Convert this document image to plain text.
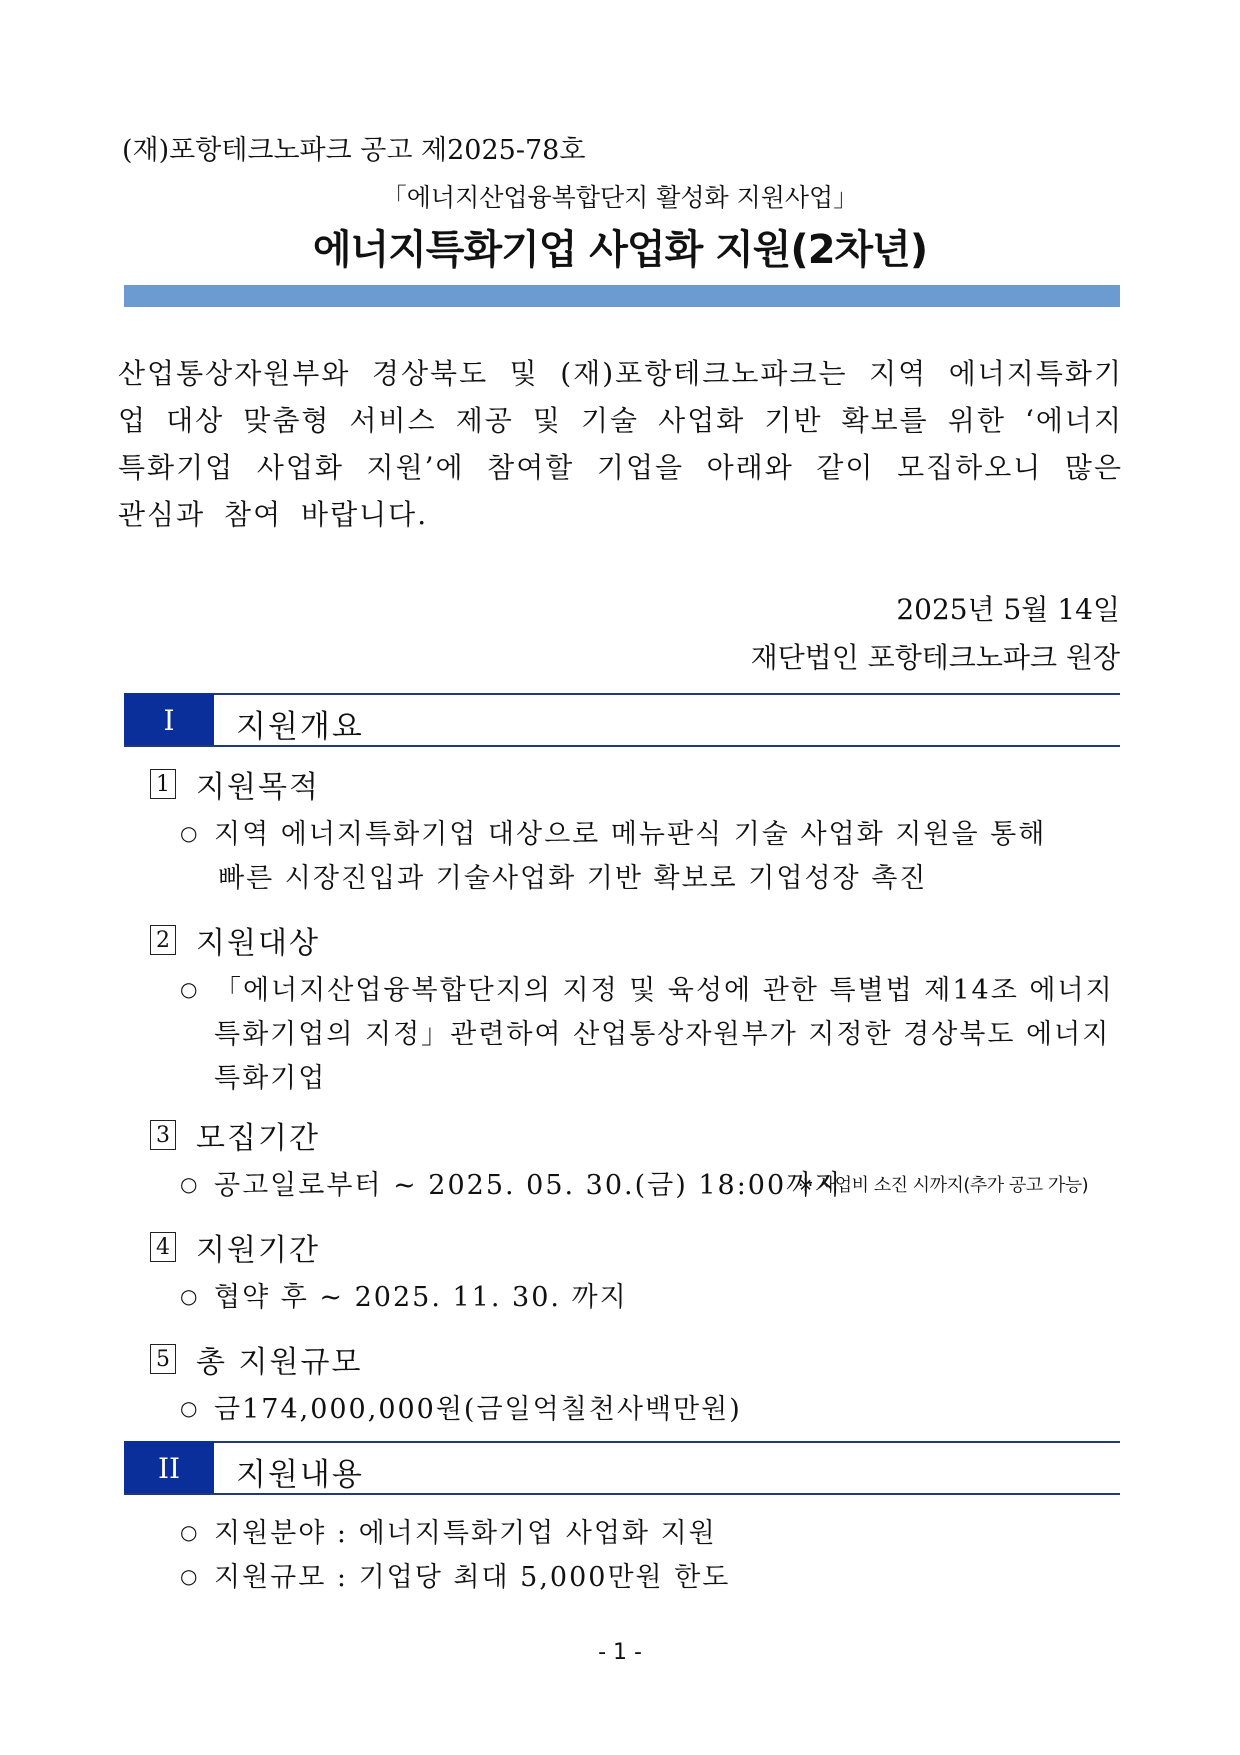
(재)포항테크노파크 공고 제2025-78호
「에너지산업융복합단지 활성화 지원사업」
에너지특화기업 사업화 지원(2차년)
산업통상자원부와 경상북도 및 (재)포항테크노파크는 지역 에너지특화기업 대상 맞춤형 서비스 제공 및 기술 사업화 기반 확보를 위한 ‘에너지특화기업 사업화 지원’에 참여할 기업을 아래와 같이 모집하오니 많은 관심과 참여 바랍니다.
2025년 5월 14일
재단법인 포항테크노파크 원장
I	지원개요
1 지원목적
○ 지역 에너지특화기업 대상으로 메뉴판식 기술 사업화 지원을 통해
빠른 시장진입과 기술사업화 기반 확보로 기업성장 촉진
2 지원대상
○ 「에너지산업융복합단지의 지정 및 육성에 관한 특별법 제14조 에너지
특화기업의 지정」관련하여 산업통상자원부가 지정한 경상북도 에너지
특화기업
3 모집기간
○ 공고일로부터 ~ 2025. 05. 30.(금) 18:00까지
※ 사업비 소진 시까지(추가 공고 가능)
4 지원기간
○ 협약 후 ~ 2025. 11. 30. 까지
5 총 지원규모
○ 금174,000,000원(금일억칠천사백만원)
II	지원내용
○ 지원분야 : 에너지특화기업 사업화 지원
○ 지원규모 : 기업당 최대 5,000만원 한도
- 1 -
